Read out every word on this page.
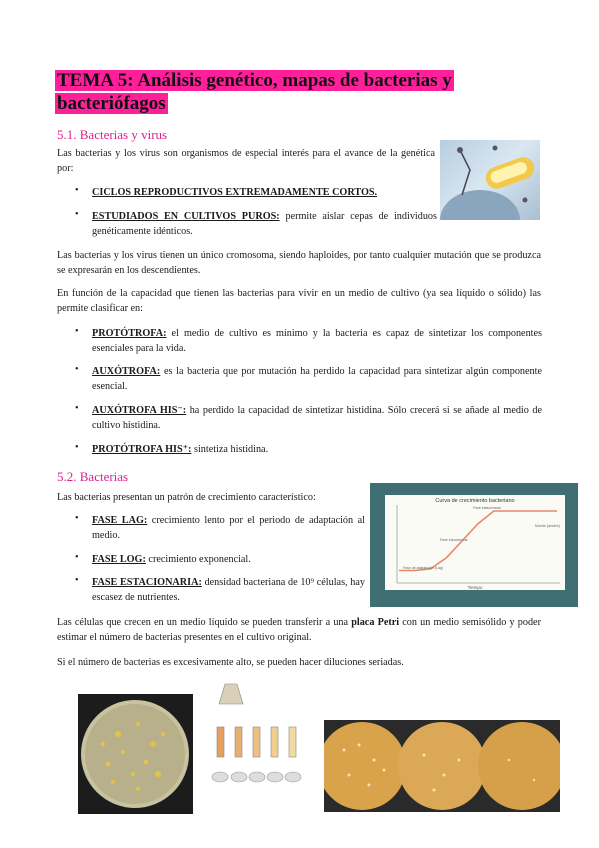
TEMA 5: Análisis genético, mapas de bacterias y bacteriófagos
5.1. Bacterias y virus
Las bacterias y los virus son organismos de especial interés para el avance de la genética por:
• CICLOS REPRODUCTIVOS EXTREMADAMENTE CORTOS.
• ESTUDIADOS EN CULTIVOS PUROS: permite aislar cepas de individuos genéticamente idénticos.
Las bacterias y los virus tienen un único cromosoma, siendo haploides, por tanto cualquier mutación que se produzca se expresarán en los descendientes.
En función de la capacidad que tienen las bacterias para vivir en un medio de cultivo (ya sea líquido o sólido) las permite clasificar en:
• PROTÓTROFA: el medio de cultivo es mínimo y la bacteria es capaz de sintetizar los componentes esenciales para la vida.
• AUXÓTROFA: es la bacteria que por mutación ha perdido la capacidad para sintetizar algún componente esencial.
• AUXÓTROFA HIS⁻: ha perdido la capacidad de sintetizar histidina. Sólo crecerá si se añade al medio de cultivo histidina.
• PROTÓTROFA HIS⁺: sintetiza histidina.
5.2. Bacterias
Las bacterias presentan un patrón de crecimiento característico:	Curva de crecimiento bacteriano
Tiempo
Fase de adaptación (Lag)
Fase exponencial
Fase estacionaria
Muerte (declive)
• FASE LAG: crecimiento lento por el periodo de adaptación al medio.
• FASE LOG: crecimiento exponencial.
• FASE ESTACIONARIA: densidad bacteriana de 10⁹ células, hay escasez de nutrientes.
Las células que crecen en un medio líquido se pueden transferir a una placa Petri con un medio semisólido y poder estimar el número de bacterias presentes en el cultivo original.
Si el número de bacterias es excesivamente alto, se pueden hacer diluciones seriadas.
